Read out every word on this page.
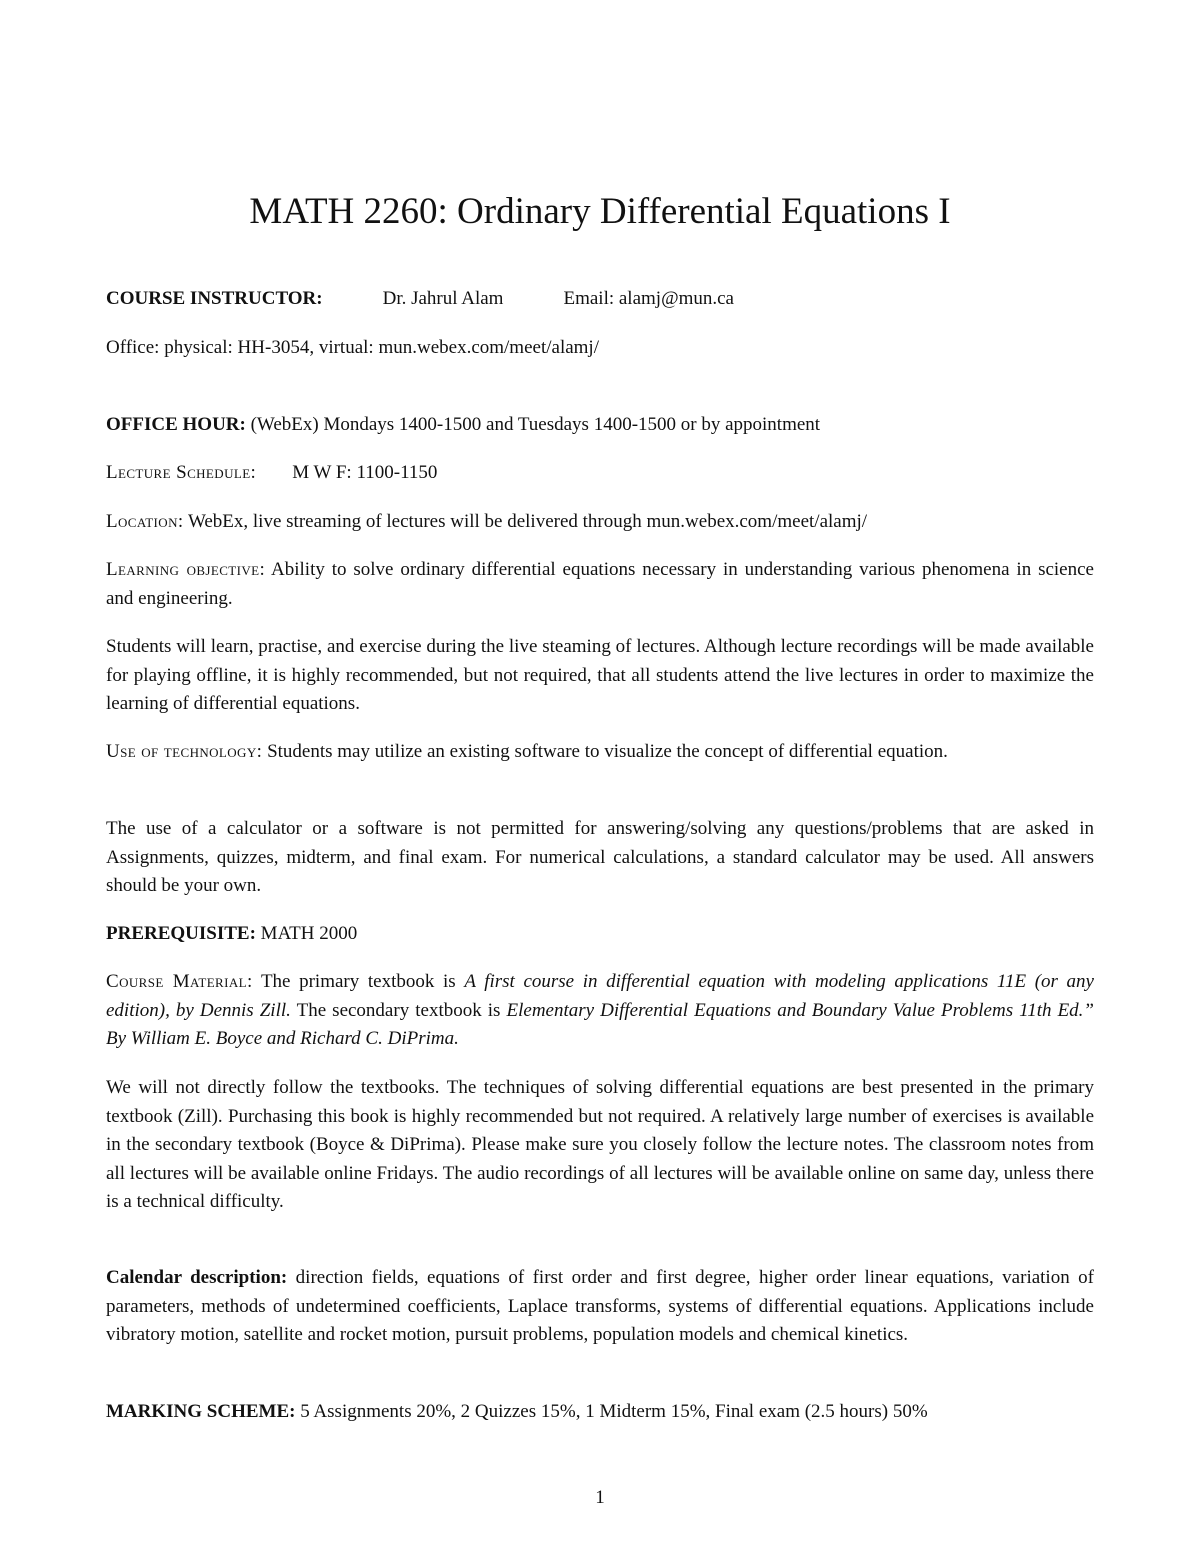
MATH 2260: Ordinary Differential Equations I

COURSE INSTRUCTOR:	Dr. Jahrul Alam	Email: alamj@mun.ca

Office: physical: HH-3054, virtual: mun.webex.com/meet/alamj/

OFFICE HOUR: (WebEx) Mondays 1400-1500 and Tuesdays 1400-1500 or by appointment

Lecture Schedule: M W F: 1100-1150

Location: WebEx, live streaming of lectures will be delivered through mun.webex.com/meet/alamj/

Learning objective: Ability to solve ordinary differential equations necessary in understanding various phenomena in science and engineering.

Students will learn, practise, and exercise during the live steaming of lectures. Although lecture recordings will be made available for playing offline, it is highly recommended, but not required, that all students attend the live lectures in order to maximize the learning of differential equations.

Use of technology: Students may utilize an existing software to visualize the concept of differential equation.

The use of a calculator or a software is not permitted for answering/solving any questions/problems that are asked in Assignments, quizzes, midterm, and final exam. For numerical calculations, a standard calculator may be used. All answers should be your own.

PREREQUISITE: MATH 2000

Course Material: The primary textbook is A first course in differential equation with modeling applications 11E (or any edition), by Dennis Zill. The secondary textbook is Elementary Differential Equations and Boundary Value Problems 11th Ed.” By William E. Boyce and Richard C. DiPrima.

We will not directly follow the textbooks. The techniques of solving differential equations are best presented in the primary textbook (Zill). Purchasing this book is highly recommended but not required. A relatively large number of exercises is available in the secondary textbook (Boyce & DiPrima). Please make sure you closely follow the lecture notes. The classroom notes from all lectures will be available online Fridays. The audio recordings of all lectures will be available online on same day, unless there is a technical difficulty.

Calendar description: direction fields, equations of first order and first degree, higher order linear equations, variation of parameters, methods of undetermined coefficients, Laplace transforms, systems of differential equations. Applications include vibratory motion, satellite and rocket motion, pursuit problems, population models and chemical kinetics.

MARKING SCHEME: 5 Assignments 20%, 2 Quizzes 15%, 1 Midterm 15%, Final exam (2.5 hours) 50%

1
